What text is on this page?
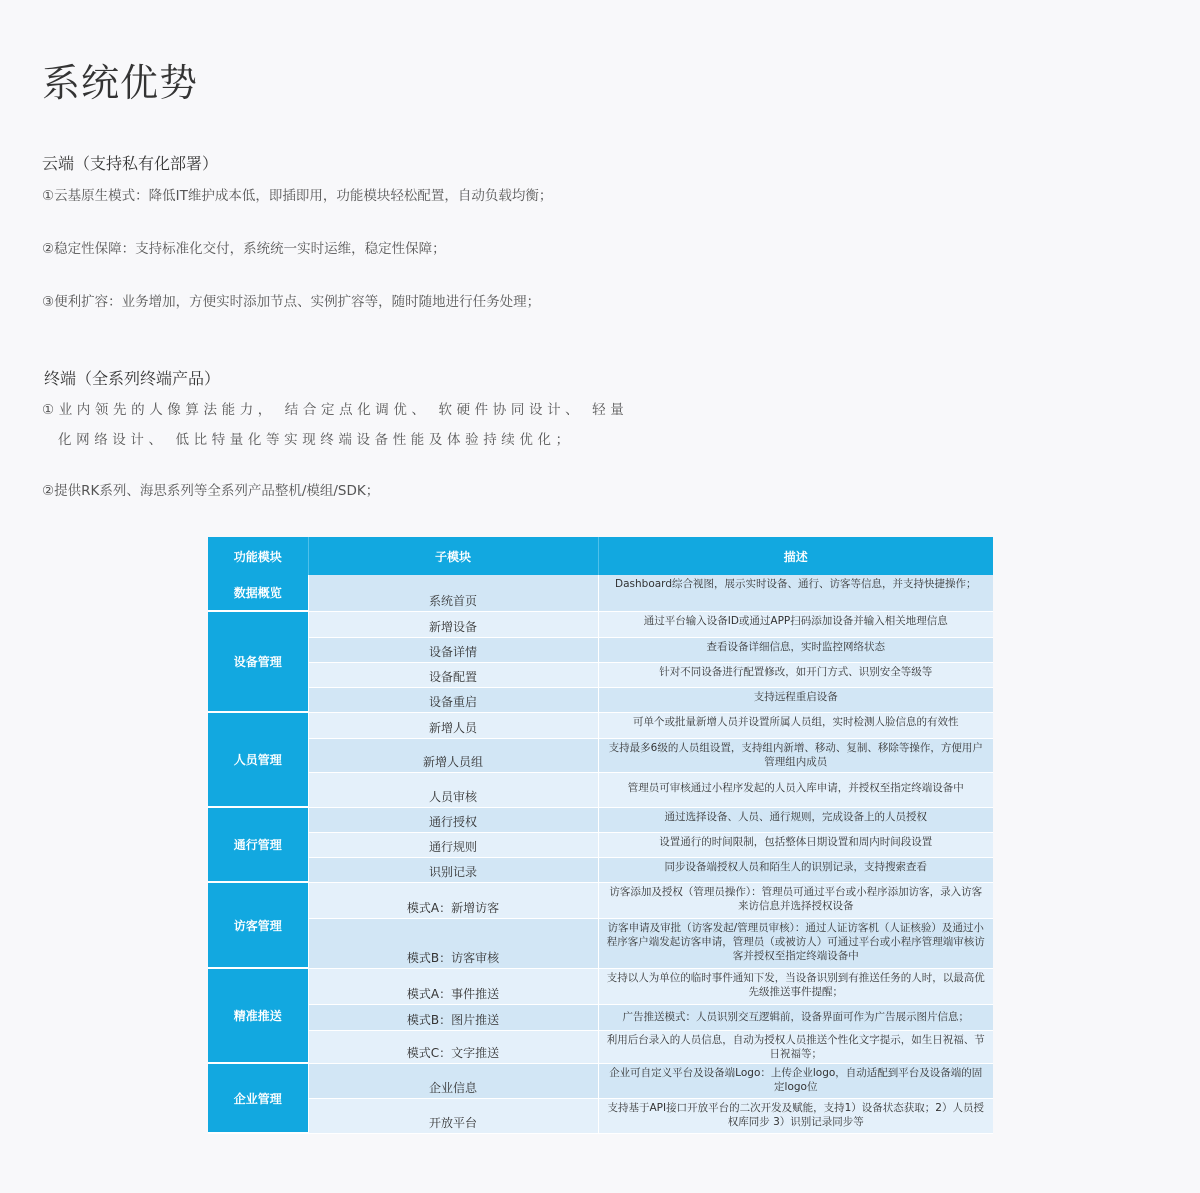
系统优势
云端（支持私有化部署）

①云基原生模式：降低IT维护成本低，即插即用，功能模块轻松配置，自动负载均衡；

②稳定性保障：支持标准化交付，系统统一实时运维，稳定性保障；

③便利扩容：业务增加，方便实时添加节点、实例扩容等，随时随地进行任务处理；

终端（全系列终端产品）

①业内领先的人像算法能力， 结合定点化调优、 软硬件协同设计、 轻量
化网络设计、 低比特量化等实现终端设备性能及体验持续优化；

②提供RK系列、海思系列等全系列产品整机/模组/SDK；

功能模块	子模块	描述
数据概览	系统首页	Dashboard综合视图，展示实时设备、通行、访客等信息，并支持快捷操作；
设备管理	新增设备	通过平台输入设备ID或通过APP扫码添加设备并输入相关地理信息
	设备详情	查看设备详细信息，实时监控网络状态
	设备配置	针对不同设备进行配置修改，如开门方式、识别安全等级等
	设备重启	支持远程重启设备
人员管理	新增人员	可单个或批量新增人员并设置所属人员组，实时检测人脸信息的有效性
	新增人员组	支持最多6级的人员组设置，支持组内新增、移动、复制、移除等操作，方便用户管理组内成员
	人员审核	管理员可审核通过小程序发起的人员入库申请，并授权至指定终端设备中
通行管理	通行授权	通过选择设备、人员、通行规则，完成设备上的人员授权
	通行规则	设置通行的时间限制，包括整体日期设置和周内时间段设置
	识别记录	同步设备端授权人员和陌生人的识别记录，支持搜索查看
访客管理	模式A：新增访客	访客添加及授权（管理员操作）：管理员可通过平台或小程序添加访客，录入访客来访信息并选择授权设备
	模式B：访客审核	访客申请及审批（访客发起/管理员审核）：通过人证访客机（人证核验）及通过小程序客户端发起访客申请，管理员（或被访人）可通过平台或小程序管理端审核访客并授权至指定终端设备中
精准推送	模式A：事件推送	支持以人为单位的临时事件通知下发，当设备识别到有推送任务的人时，以最高优先级推送事件提醒；
	模式B：图片推送	广告推送模式：人员识别交互逻辑前，设备界面可作为广告展示图片信息；
	模式C：文字推送	利用后台录入的人员信息，自动为授权人员推送个性化文字提示，如生日祝福、节日祝福等；
企业管理	企业信息	企业可自定义平台及设备端Logo：上传企业logo，自动适配到平台及设备端的固定logo位
	开放平台	支持基于API接口开放平台的二次开发及赋能，支持1）设备状态获取；2）人员授权库同步 3）识别记录同步等
